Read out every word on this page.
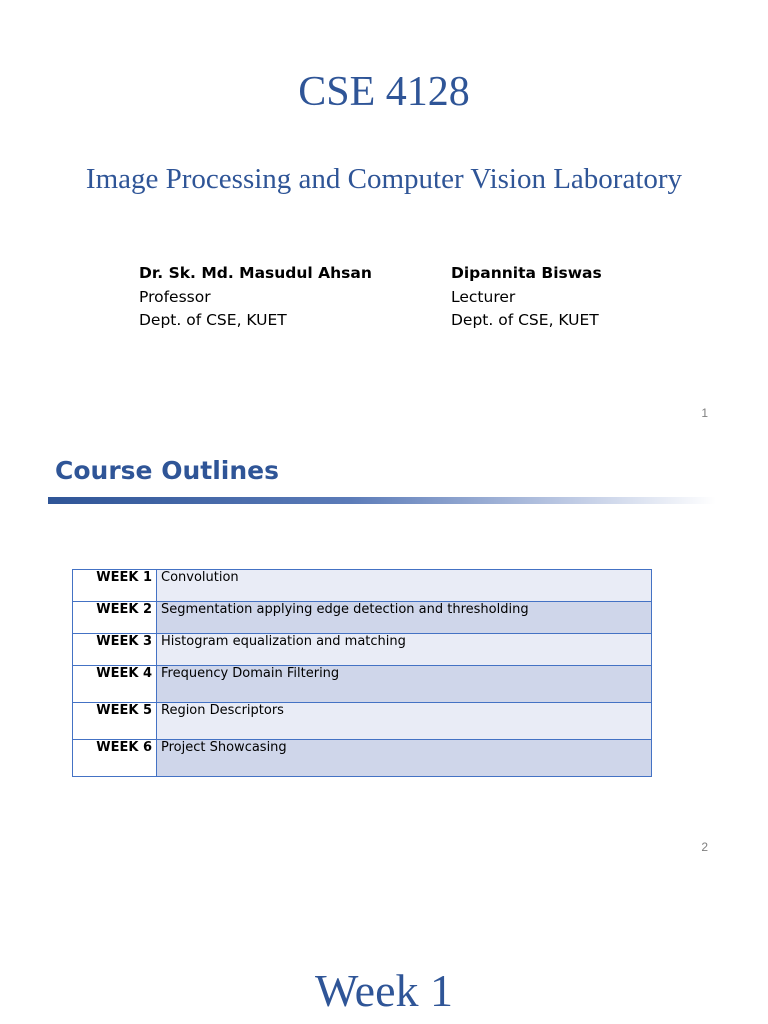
CSE 4128
Image Processing and Computer Vision Laboratory
Dr. Sk. Md. Masudul Ahsan
Professor
Dept. of CSE, KUET
Dipannita Biswas
Lecturer
Dept. of CSE, KUET
1
Course Outlines
WEEK 1	Convolution
WEEK 2	Segmentation applying edge detection and thresholding
WEEK 3	Histogram equalization and matching
WEEK 4	Frequency Domain Filtering
WEEK 5	Region Descriptors
WEEK 6	Project Showcasing
2
Week 1
